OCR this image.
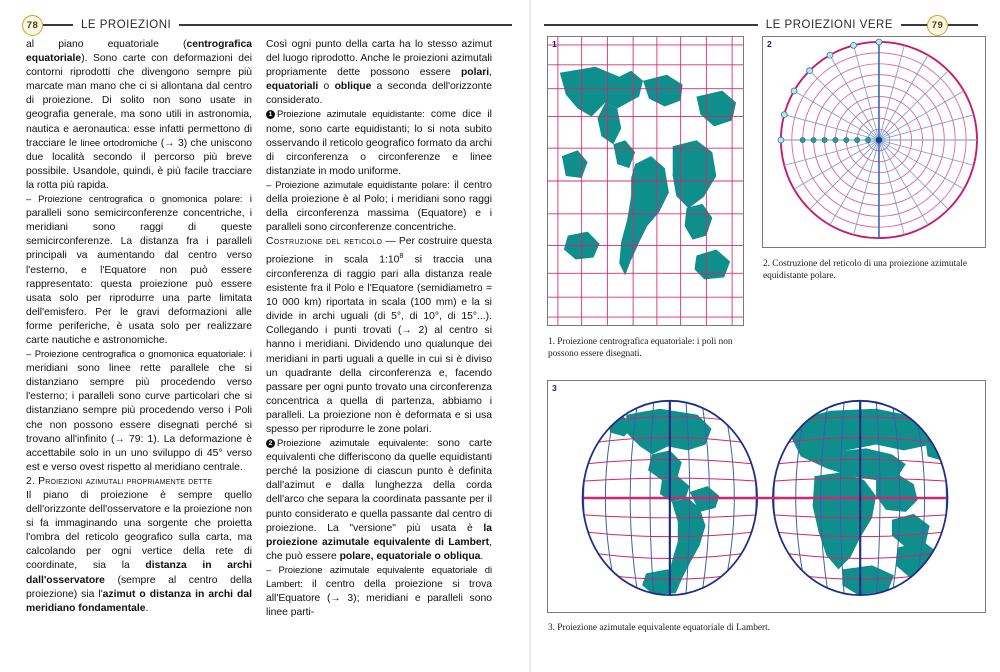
78	LE PROIEZIONI

al piano equatoriale (centrografica equatoriale). Sono carte con deformazioni dei contorni riprodotti che divengono sempre più marcate man mano che ci si allontana dal centro di proiezione. Di solito non sono usate in geografia generale, ma sono utili in astronomia, nautica e aeronautica: esse infatti permettono di tracciare le linee ortodromiche (→ 3) che uniscono due località secondo il percorso più breve possibile. Usandole, quindi, è più facile tracciare la rotta più rapida.

– Proiezione centrografica o gnomonica polare: i paralleli sono semicirconferenze concentriche, i meridiani sono raggi di queste semicirconferenze. La distanza fra i paralleli principali va aumentando dal centro verso l'esterno, e l'Equatore non può essere rappresentato: questa proiezione può essere usata solo per riprodurre una parte limitata dell'emisfero. Per le gravi deformazioni alle forme periferiche, è usata solo per realizzare carte nautiche e astronomiche.

– Proiezione centrografica o gnomonica equatoriale: i meridiani sono linee rette parallele che si distanziano sempre più procedendo verso l'esterno; i paralleli sono curve particolari che si distanziano sempre più procedendo verso i Poli che non possono essere disegnati perché si trovano all'infinito (→ 79: 1). La deformazione è accettabile solo in un uno sviluppo di 45° verso est e verso ovest rispetto al meridiano centrale.

2. Proiezioni azimutali propriamente dette

Il piano di proiezione è sempre quello dell'orizzonte dell'osservatore e la proiezione non si fa immaginando una sorgente che proietta l'ombra del reticolo geografico sulla carta, ma calcolando per ogni vertice della rete di coordinate, sia la distanza in archi dall'osservatore (sempre al centro della proiezione) sia l'azimut o distanza in archi dal meridiano fondamentale.

Così ogni punto della carta ha lo stesso azimut del luogo riprodotto. Anche le proiezioni azimutali propriamente dette possono essere polari, equatoriali o oblique a seconda dell'orizzonte considerato.

1 Proiezione azimutale equidistante: come dice il nome, sono carte equidistanti; lo si nota subito osservando il reticolo geografico formato da archi di circonferenza o circonferenze e linee distanziate in modo uniforme.

– Proiezione azimutale equidistante polare: il centro della proiezione è al Polo; i meridiani sono raggi della circonferenza massima (Equatore) e i paralleli sono circonferenze concentriche.

Costruzione del reticolo — Per costruire questa proiezione in scala $1:10^8$ si traccia una circonferenza di raggio pari alla distanza reale esistente fra il Polo e l'Equatore (semidiametro = 10 000 km) riportata in scala (100 mm) e la si divide in archi uguali (di 5°, di 10°, di 15°...). Collegando i punti trovati (→ 2) al centro si hanno i meridiani. Dividendo uno qualunque dei meridiani in parti uguali a quelle in cui si è diviso un quadrante della circonferenza e, facendo passare per ogni punto trovato una circonferenza concentrica a quella di partenza, abbiamo i paralleli. La proiezione non è deformata e si usa spesso per riprodurre le zone polari.

2 Proiezione azimutale equivalente: sono carte equivalenti che differiscono da quelle equidistanti perché la posizione di ciascun punto è definita dall'azimut e dalla lunghezza della corda dell'arco che separa la coordinata passante per il punto considerato e quella passante dal centro di proiezione. La "versione" più usata è la proiezione azimutale equivalente di Lambert, che può essere polare, equatoriale o obliqua.

– Proiezione azimutale equivalente equatoriale di Lambert: il centro della proiezione si trova all'Equatore (→ 3); meridiani e paralleli sono linee parti-

LE PROIEZIONI VERE	79
1	2
3
1. Proiezione centrografica equatoriale: i poli non possono essere disegnati.
2. Costruzione del reticolo di una proiezione azimutale equidistante polare.
3. Proiezione azimutale equivalente equatoriale di Lambert.
